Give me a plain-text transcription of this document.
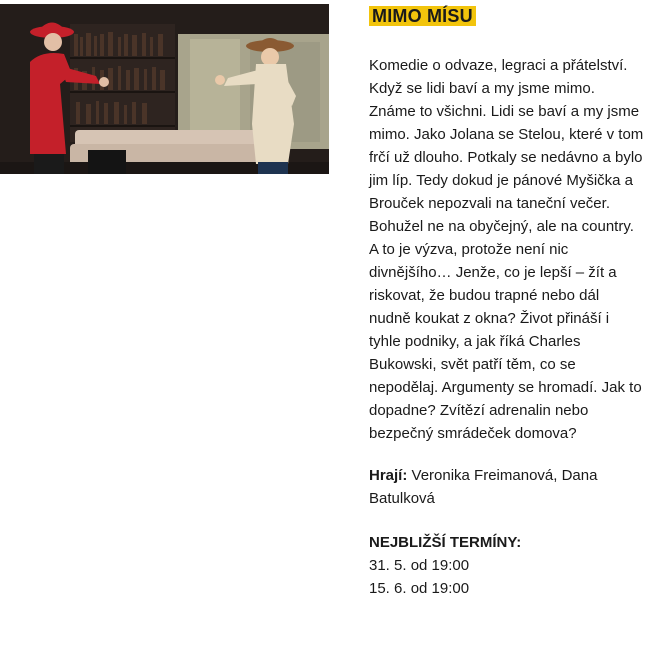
MIMO MÍSU

Komedie o odvaze, legraci a přátelství. Když se lidi baví a my jsme mimo. Známe to všichni. Lidi se baví a my jsme mimo. Jako Jolana se Stelou, které v tom frčí už dlouho. Potkaly se nedávno a bylo jim líp. Tedy dokud je pánové Myšička a Brouček nepozvali na taneční večer. Bohužel ne na obyčejný, ale na country. A to je výzva, protože není nic divnějšího… Jenže, co je lepší – žít a riskovat, že budou trapné nebo dál nudně koukat z okna? Život přináší i tyhle podniky, a jak říká Charles Bukowski, svět patří těm, co se nepodělaj. Argumenty se hromadí. Jak to dopadne? Zvítězí adrenalin nebo bezpečný smrádeček domova?

Hrají: Veronika Freimanová, Dana Batulková
NEJBLIŽŠÍ TERMÍNY:
31. 5. od 19:00
15. 6. od 19:00
